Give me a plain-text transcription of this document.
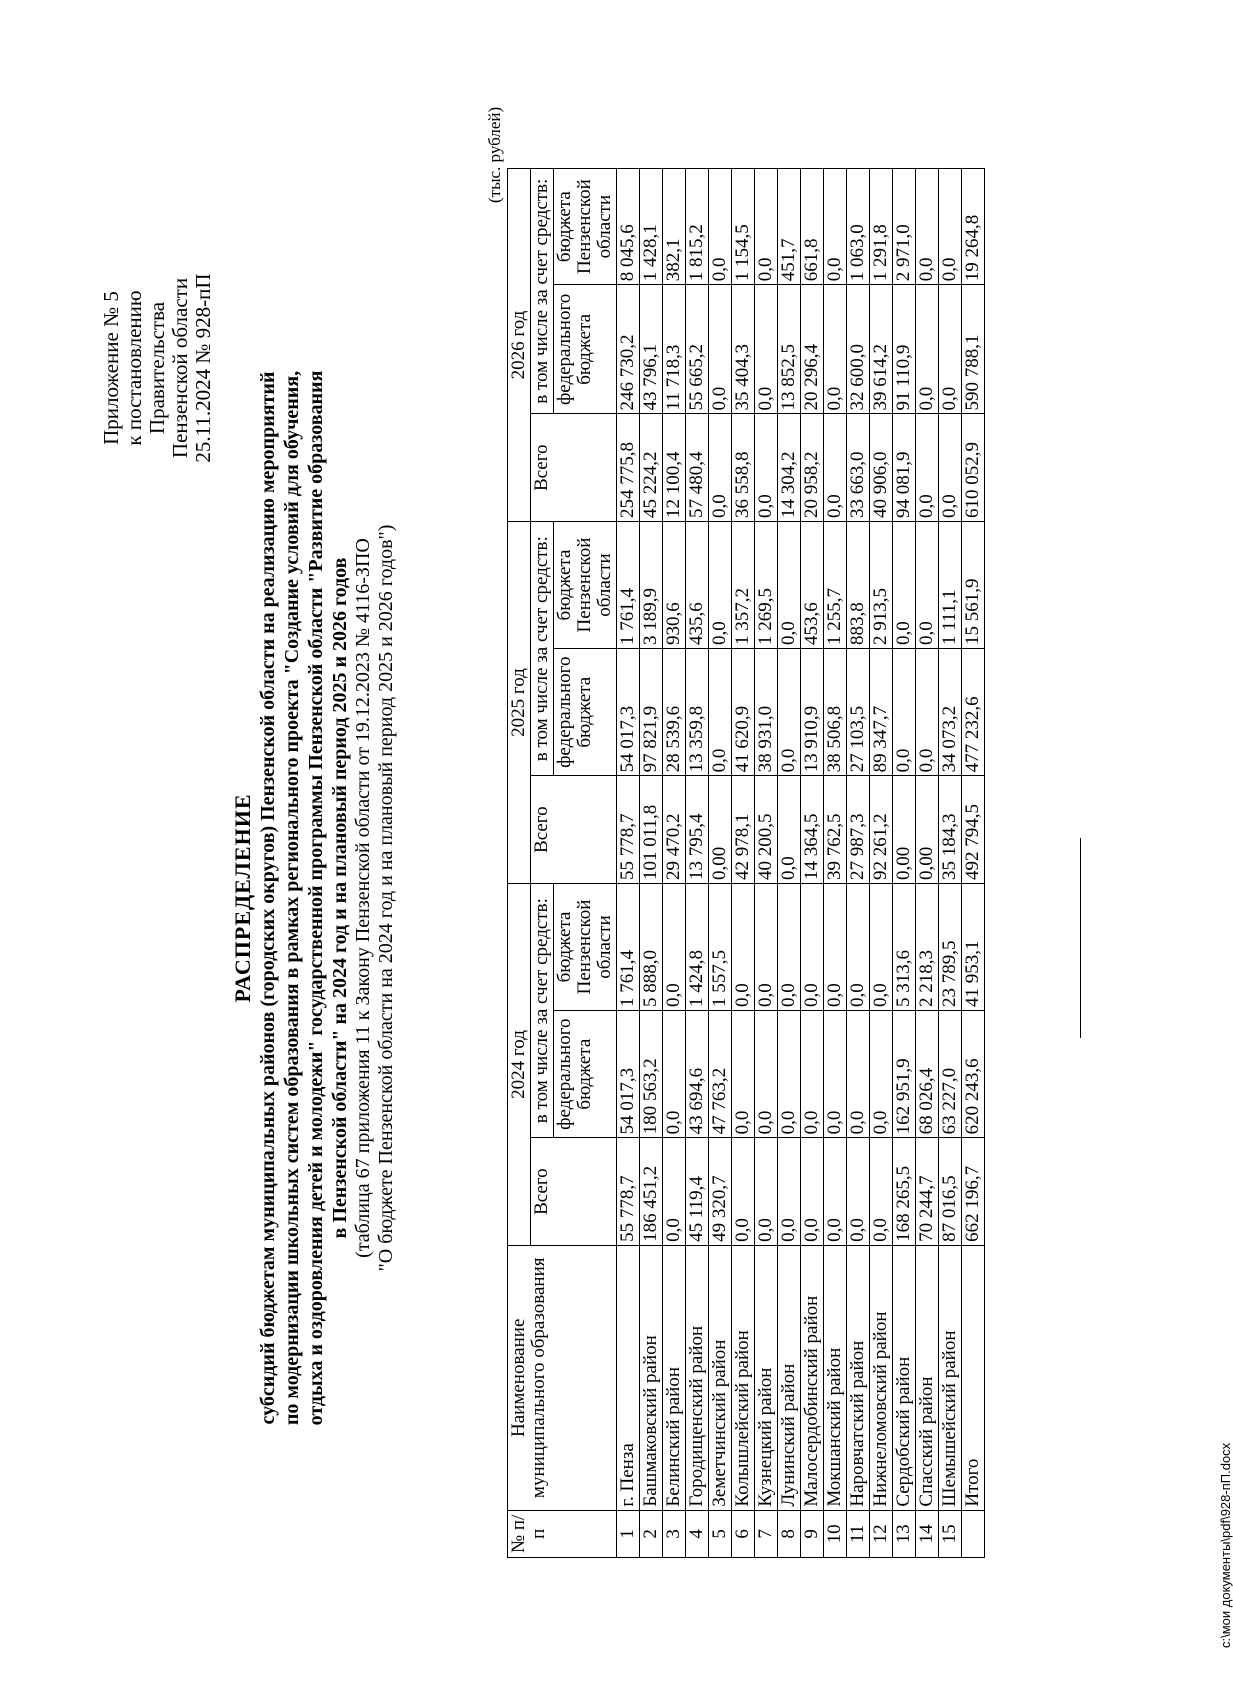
Приложение № 5 к постановлению Правительства Пензенской области 25.11.2024 № 928-пП
РАСПРЕДЕЛЕНИЕ субсидий бюджетам муниципальных районов (городских округов) Пензенской области на реализацию мероприятий по модернизации школьных систем образования в рамках регионального проекта "Создание условий для обучения, отдыха и оздоровления детей и молодежи" государственной программы Пензенской области "Развитие образования в Пензенской области" на 2024 год и на плановый период 2025 и 2026 годов (таблица 67 приложения 11 к Закону Пензенской области от 19.12.2023 № 4116-ЗПО "О бюджете Пензенской области на 2024 год и на плановый период 2025 и 2026 годов")
(тыс. рублей)
№ п/п	Наименование муниципального образования	2024 год			2025 год			2026 год		
		Всего	в том числе за счет средств:		Всего	в том числе за счет средств:		Всего	в том числе за счет средств:	
			федерального бюджета	бюджета Пензенской области		федерального бюджета	бюджета Пензенской области		федерального бюджета	бюджета Пензенской области
1	г. Пенза	55 778,7	54 017,3	1 761,4	55 778,7	54 017,3	1 761,4	254 775,8	246 730,2	8 045,6
2	Башмаковский район	186 451,2	180 563,2	5 888,0	101 011,8	97 821,9	3 189,9	45 224,2	43 796,1	1 428,1
3	Белинский район	0,0	0,0	0,0	29 470,2	28 539,6	930,6	12 100,4	11 718,3	382,1
4	Городищенский район	45 119,4	43 694,6	1 424,8	13 795,4	13 359,8	435,6	57 480,4	55 665,2	1 815,2
5	Земетчинский район	49 320,7	47 763,2	1 557,5	0,00	0,0	0,0	0,0	0,0	0,0
6	Колышлейский район	0,0	0,0	0,0	42 978,1	41 620,9	1 357,2	36 558,8	35 404,3	1 154,5
7	Кузнецкий район	0,0	0,0	0,0	40 200,5	38 931,0	1 269,5	0,0	0,0	0,0
8	Лунинский район	0,0	0,0	0,0	0,0	0,0	0,0	14 304,2	13 852,5	451,7
9	Малосердобинский район	0,0	0,0	0,0	14 364,5	13 910,9	453,6	20 958,2	20 296,4	661,8
10	Мокшанский район	0,0	0,0	0,0	39 762,5	38 506,8	1 255,7	0,0	0,0	0,0
11	Наровчатский район	0,0	0,0	0,0	27 987,3	27 103,5	883,8	33 663,0	32 600,0	1 063,0
12	Нижнеломовский район	0,0	0,0	0,0	92 261,2	89 347,7	2 913,5	40 906,0	39 614,2	1 291,8
13	Сердобский район	168 265,5	162 951,9	5 313,6	0,00	0,0	0,0	94 081,9	91 110,9	2 971,0
14	Спасский район	70 244,7	68 026,4	2 218,3	0,00	0,0	0,0	0,0	0,0	0,0
15	Шемышейский район	87 016,5	63 227,0	23 789,5	35 184,3	34 073,2	1 111,1	0,0	0,0	0,0
	Итого	662 196,7	620 243,6	41 953,1	492 794,5	477 232,6	15 561,9	610 052,9	590 788,1	19 264,8
c:\мои документы\pdf\928-пП.docx
